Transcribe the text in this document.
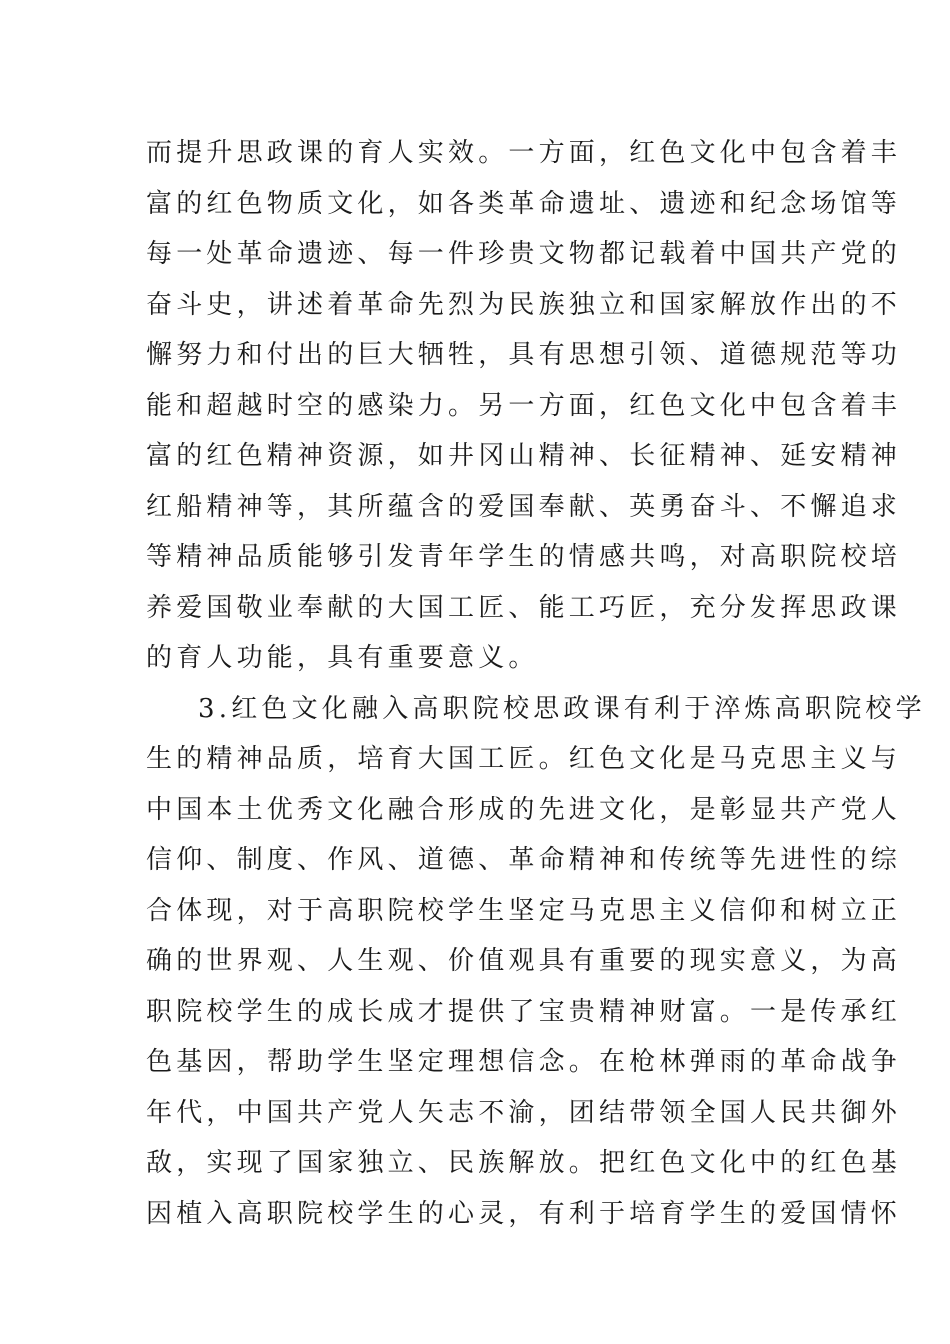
而提升思政课的育人实效。一方面，红色文化中包含着丰
富的红色物质文化，如各类革命遗址、遗迹和纪念场馆等
每一处革命遗迹、每一件珍贵文物都记载着中国共产党的
奋斗史，讲述着革命先烈为民族独立和国家解放作出的不
懈努力和付出的巨大牺牲，具有思想引领、道德规范等功
能和超越时空的感染力。另一方面，红色文化中包含着丰
富的红色精神资源，如井冈山精神、长征精神、延安精神
红船精神等，其所蕴含的爱国奉献、英勇奋斗、不懈追求
等精神品质能够引发青年学生的情感共鸣，对高职院校培
养爱国敬业奉献的大国工匠、能工巧匠，充分发挥思政课
的育人功能，具有重要意义。
3.红色文化融入高职院校思政课有利于淬炼高职院校学
生的精神品质，培育大国工匠。红色文化是马克思主义与
中国本土优秀文化融合形成的先进文化，是彰显共产党人
信仰、制度、作风、道德、革命精神和传统等先进性的综
合体现，对于高职院校学生坚定马克思主义信仰和树立正
确的世界观、人生观、价值观具有重要的现实意义，为高
职院校学生的成长成才提供了宝贵精神财富。一是传承红
色基因，帮助学生坚定理想信念。在枪林弹雨的革命战争
年代，中国共产党人矢志不渝，团结带领全国人民共御外
敌，实现了国家独立、民族解放。把红色文化中的红色基
因植入高职院校学生的心灵，有利于培育学生的爱国情怀
